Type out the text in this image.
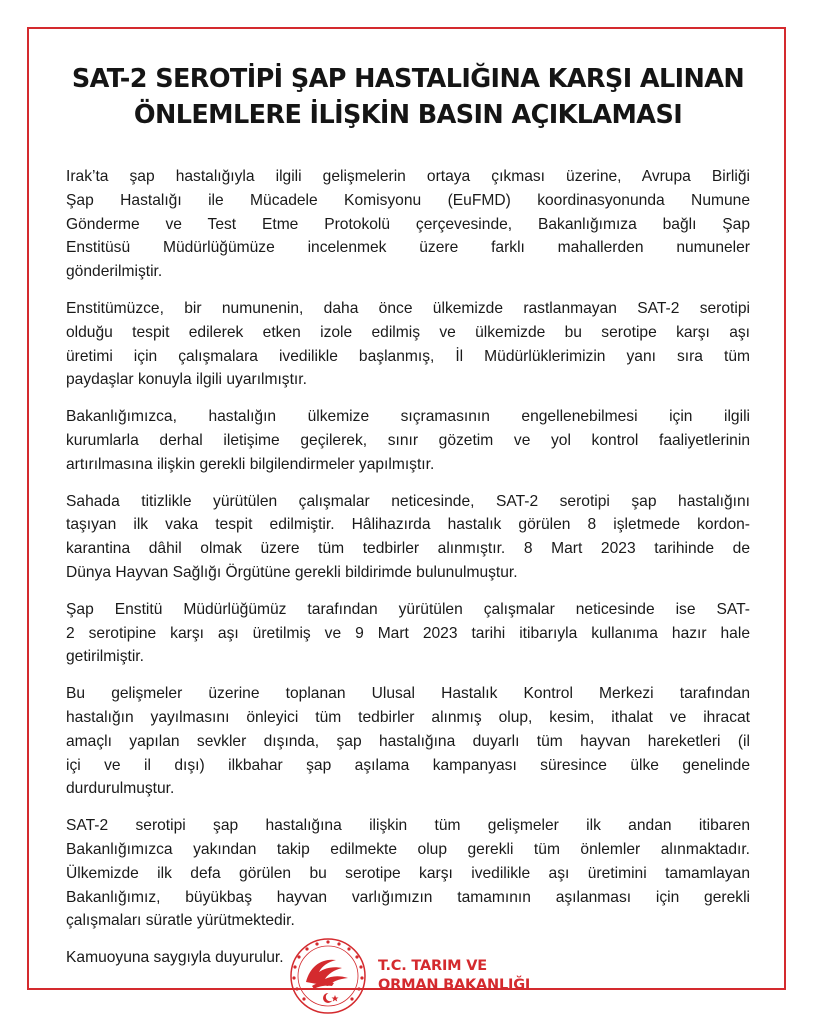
SAT-2 SEROTİPİ ŞAP HASTALIĞINA KARŞI ALINAN
ÖNLEMLERE İLİŞKİN BASIN AÇIKLAMASI
Irak’ta şap hastalığıyla ilgili gelişmelerin ortaya çıkması üzerine, Avrupa Birliği
Şap Hastalığı ile Mücadele Komisyonu (EuFMD) koordinasyonunda Numune
Gönderme ve Test Etme Protokolü çerçevesinde, Bakanlığımıza bağlı Şap
Enstitüsü Müdürlüğümüze incelenmek üzere farklı mahallerden numuneler
gönderilmiştir.
Enstitümüzce, bir numunenin, daha önce ülkemizde rastlanmayan SAT-2 serotipi
olduğu tespit edilerek etken izole edilmiş ve ülkemizde bu serotipe karşı aşı
üretimi için çalışmalara ivedilikle başlanmış, İl Müdürlüklerimizin yanı sıra tüm
paydaşlar konuyla ilgili uyarılmıştır.
Bakanlığımızca, hastalığın ülkemize sıçramasının engellenebilmesi için ilgili
kurumlarla derhal iletişime geçilerek, sınır gözetim ve yol kontrol faaliyetlerinin
artırılmasına ilişkin gerekli bilgilendirmeler yapılmıştır.
Sahada titizlikle yürütülen çalışmalar neticesinde, SAT-2 serotipi şap hastalığını
taşıyan ilk vaka tespit edilmiştir. Hâlihazırda hastalık görülen 8 işletmede kordon-
karantina dâhil olmak üzere tüm tedbirler alınmıştır. 8 Mart 2023 tarihinde de
Dünya Hayvan Sağlığı Örgütüne gerekli bildirimde bulunulmuştur.
Şap Enstitü Müdürlüğümüz tarafından yürütülen çalışmalar neticesinde ise SAT-
2 serotipine karşı aşı üretilmiş ve 9 Mart 2023 tarihi itibarıyla kullanıma hazır hale
getirilmiştir.
Bu gelişmeler üzerine toplanan Ulusal Hastalık Kontrol Merkezi tarafından
hastalığın yayılmasını önleyici tüm tedbirler alınmış olup, kesim, ithalat ve ihracat
amaçlı yapılan sevkler dışında, şap hastalığına duyarlı tüm hayvan hareketleri (il
içi ve il dışı) ilkbahar şap aşılama kampanyası süresince ülke genelinde
durdurulmuştur.
SAT-2 serotipi şap hastalığına ilişkin tüm gelişmeler ilk andan itibaren
Bakanlığımızca yakından takip edilmekte olup gerekli tüm önlemler alınmaktadır.
Ülkemizde ilk defa görülen bu serotipe karşı ivedilikle aşı üretimini tamamlayan
Bakanlığımız, büyükbaş hayvan varlığımızın tamamının aşılanması için gerekli
çalışmaları süratle yürütmektedir.
Kamuoyuna saygıyla duyurulur.	T.C. TARIM VE
ORMAN BAKANLIĞI
